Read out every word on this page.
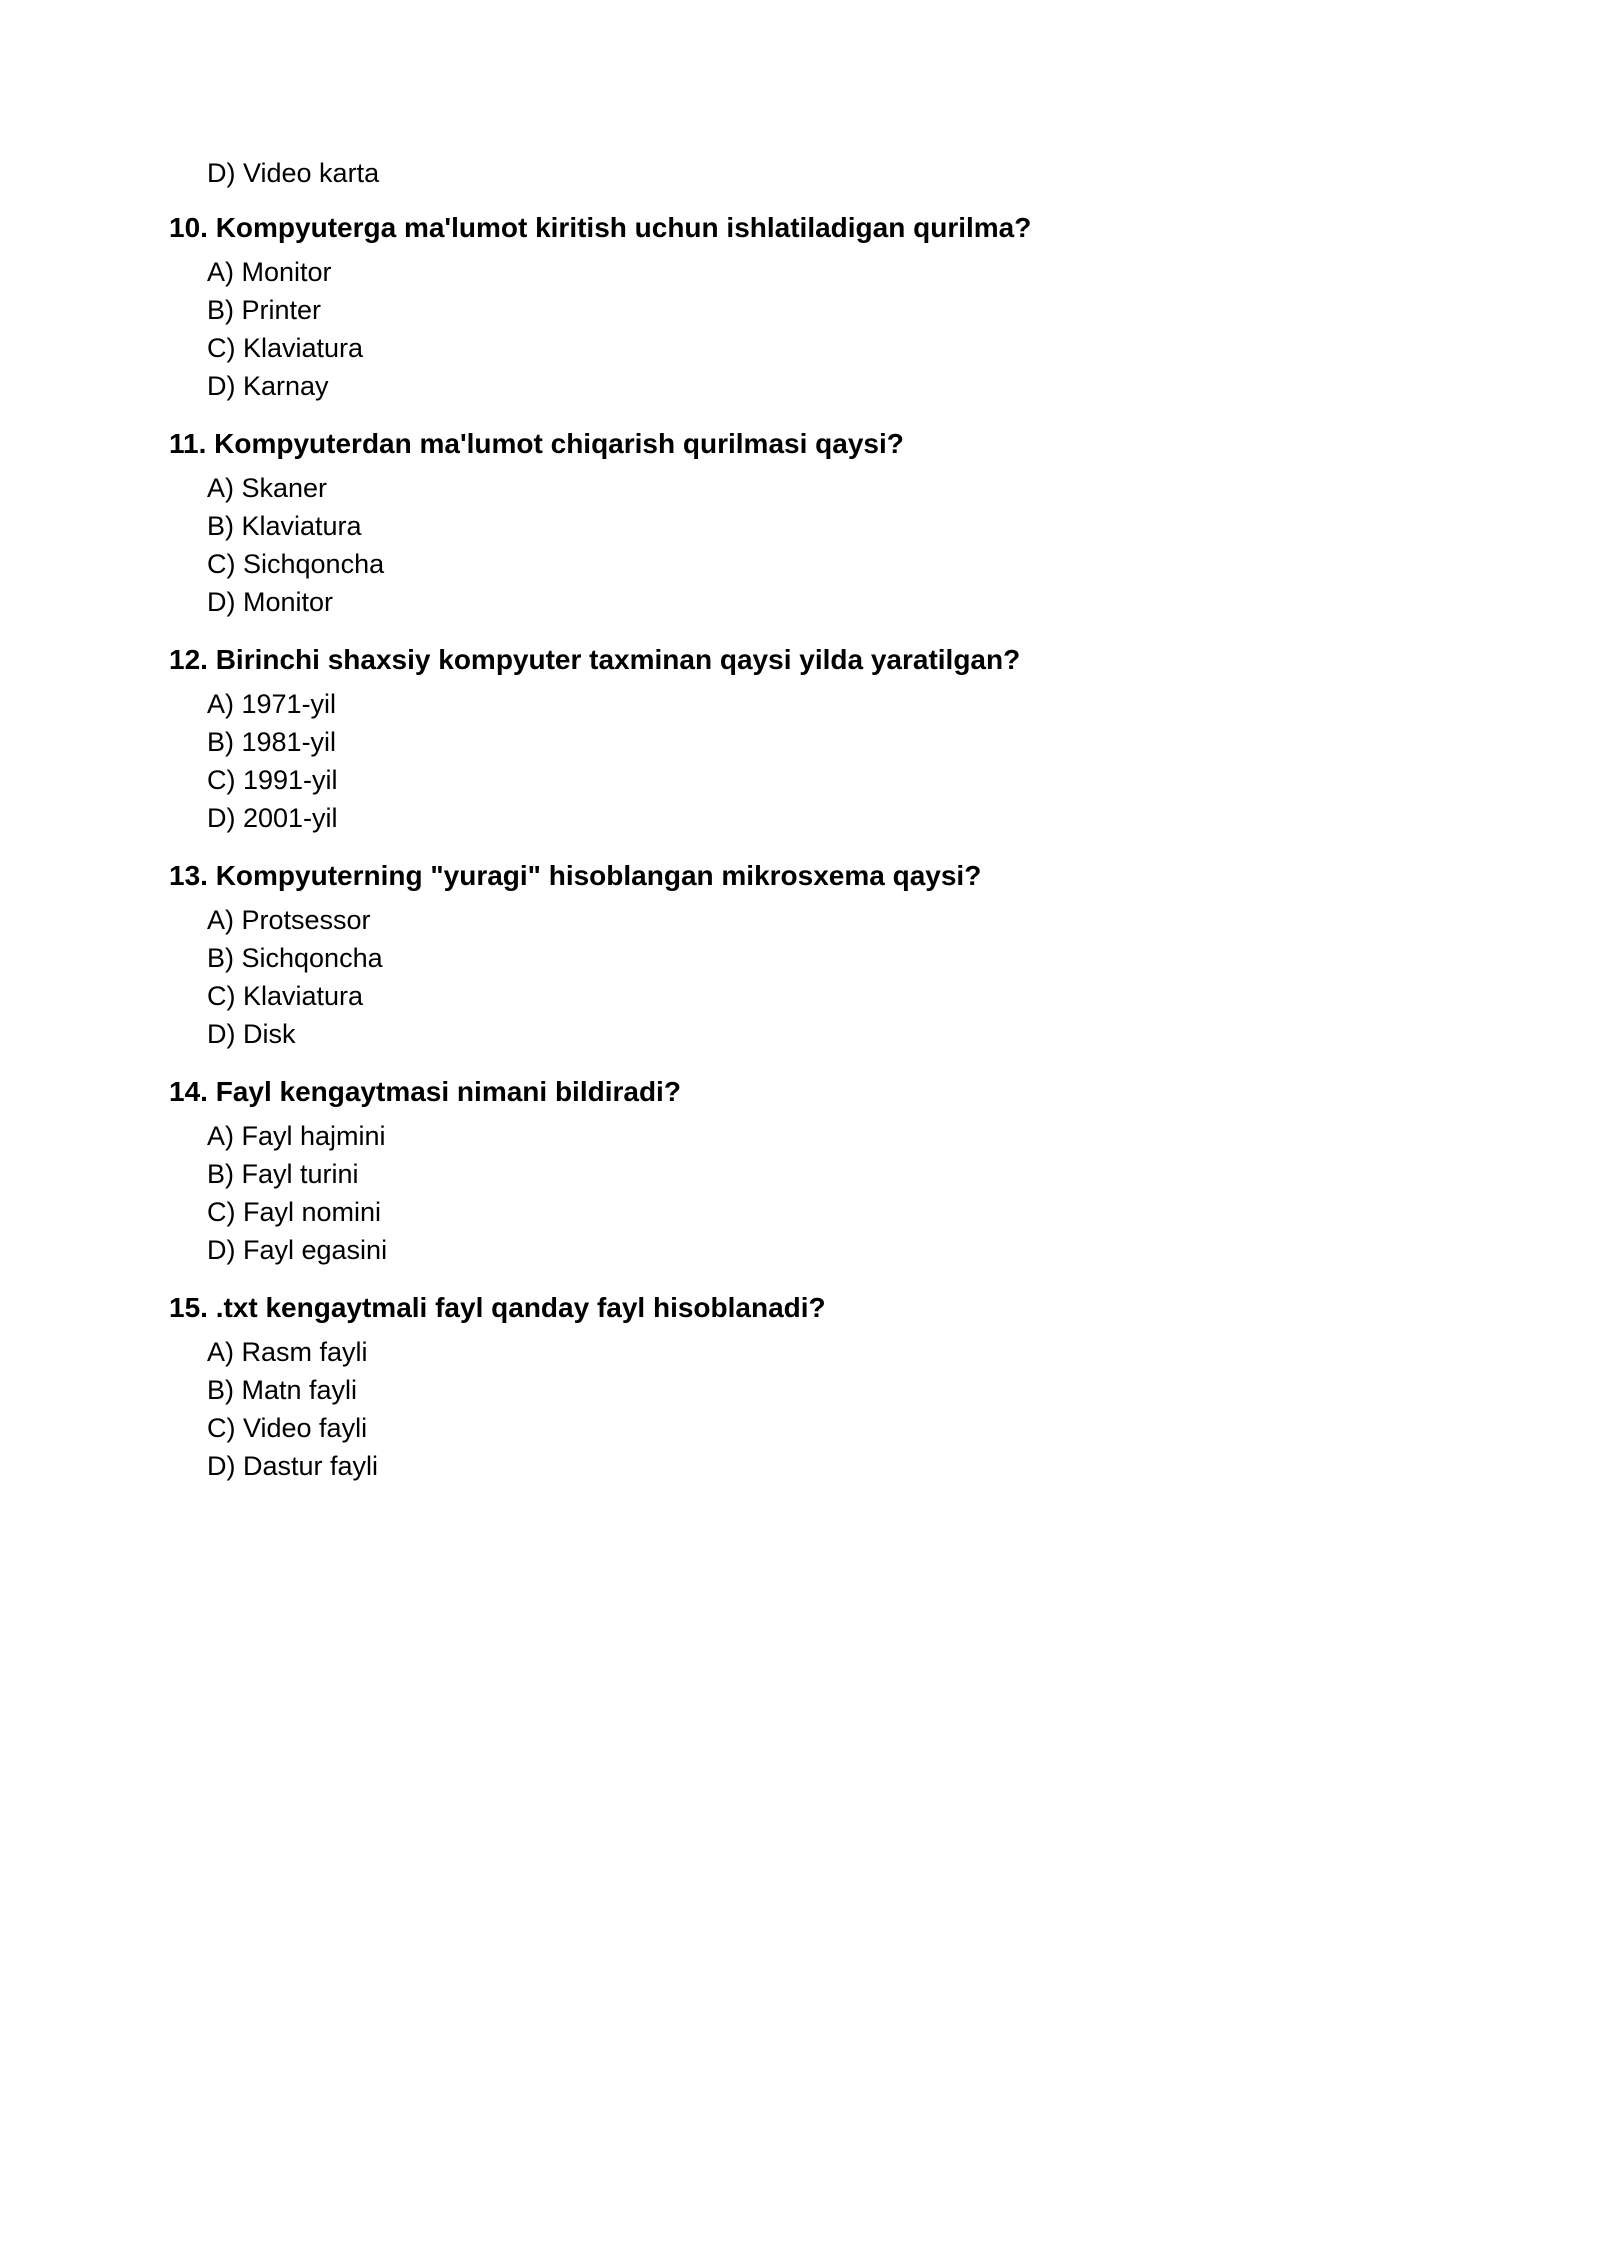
D) Video karta
10. Kompyuterga ma'lumot kiritish uchun ishlatiladigan qurilma?
A) Monitor
B) Printer
C) Klaviatura
D) Karnay
11. Kompyuterdan ma'lumot chiqarish qurilmasi qaysi?
A) Skaner
B) Klaviatura
C) Sichqoncha
D) Monitor
12. Birinchi shaxsiy kompyuter taxminan qaysi yilda yaratilgan?
A) 1971-yil
B) 1981-yil
C) 1991-yil
D) 2001-yil
13. Kompyuterning "yuragi" hisoblangan mikrosxema qaysi?
A) Protsessor
B) Sichqoncha
C) Klaviatura
D) Disk
14. Fayl kengaytmasi nimani bildiradi?
A) Fayl hajmini
B) Fayl turini
C) Fayl nomini
D) Fayl egasini
15. .txt kengaytmali fayl qanday fayl hisoblanadi?
A) Rasm fayli
B) Matn fayli
C) Video fayli
D) Dastur fayli
